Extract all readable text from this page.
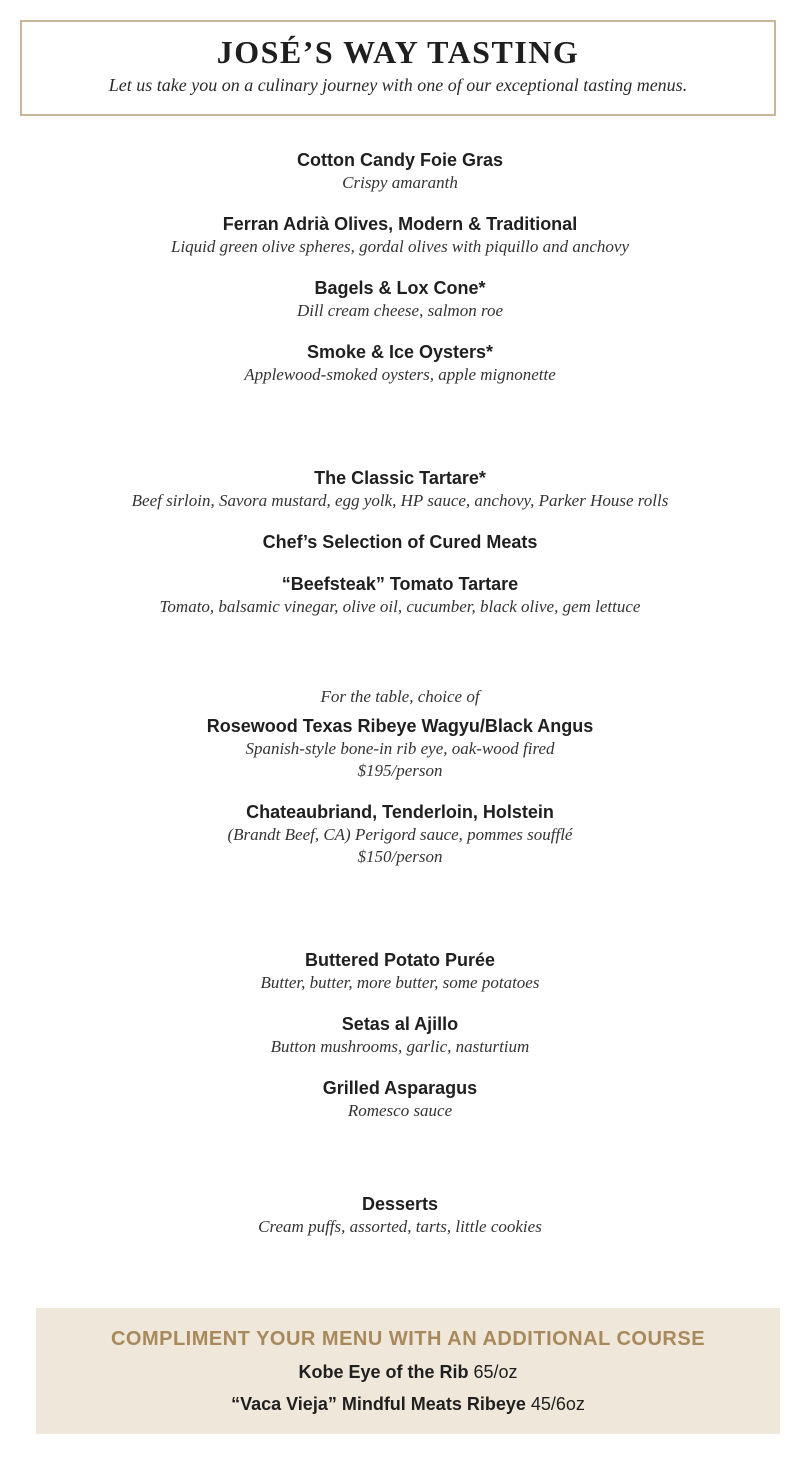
JOSÉ’S WAY TASTING
Let us take you on a culinary journey with one of our exceptional tasting menus.
Cotton Candy Foie Gras
Crispy amaranth
Ferran Adrià Olives, Modern & Traditional
Liquid green olive spheres, gordal olives with piquillo and anchovy
Bagels & Lox Cone*
Dill cream cheese, salmon roe
Smoke & Ice Oysters*
Applewood-smoked oysters, apple mignonette
The Classic Tartare*
Beef sirloin, Savora mustard, egg yolk, HP sauce, anchovy, Parker House rolls
Chef’s Selection of Cured Meats
“Beefsteak” Tomato Tartare
Tomato, balsamic vinegar, olive oil, cucumber, black olive, gem lettuce
For the table, choice of
Rosewood Texas Ribeye Wagyu/Black Angus
Spanish-style bone-in rib eye, oak-wood fired
$195/person
Chateaubriand, Tenderloin, Holstein
(Brandt Beef, CA) Perigord sauce, pommes soufflé
$150/person
Buttered Potato Purée
Butter, butter, more butter, some potatoes
Setas al Ajillo
Button mushrooms, garlic, nasturtium
Grilled Asparagus
Romesco sauce
Desserts
Cream puffs, assorted, tarts, little cookies
COMPLIMENT YOUR MENU WITH AN ADDITIONAL COURSE
Kobe Eye of the Rib 65/oz
“Vaca Vieja” Mindful Meats Ribeye 45/6oz
